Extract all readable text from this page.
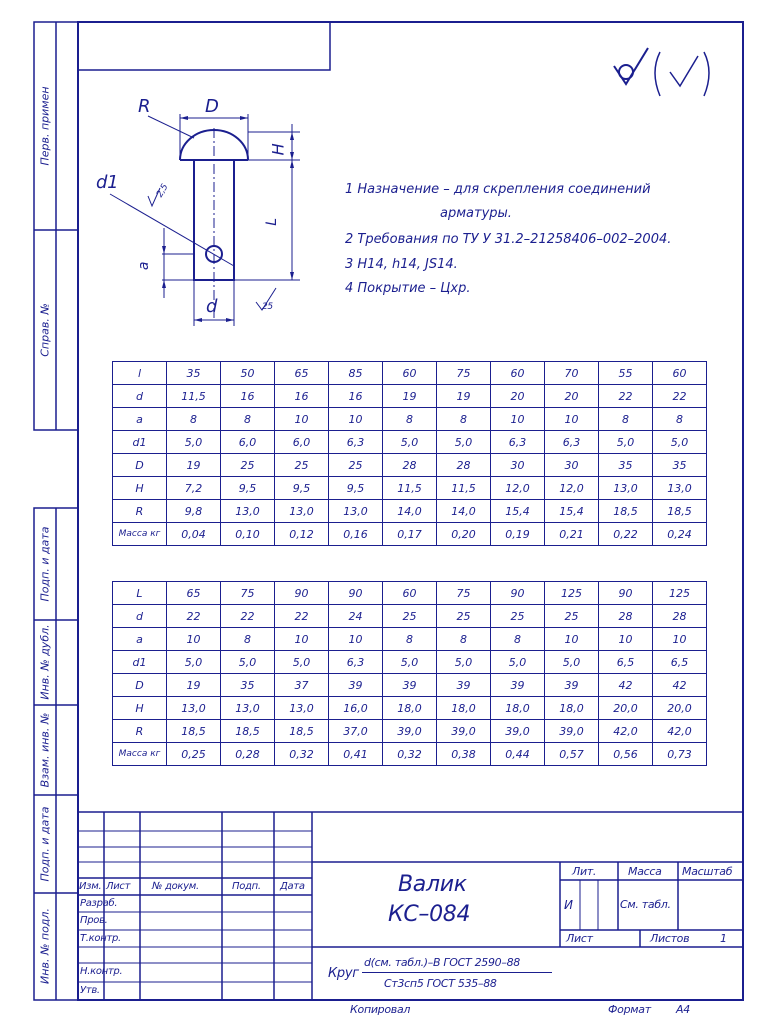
Перв. примен
Справ. №
Подп. и дата
Инв. № дубл.
Взам. инв. №
Подп. и дата
Инв. № подл.
R	D
H
d1	2,5
L
a
d	25
1 Назначение – для скрепления соединений
арматуры.
2 Требования по ТУ У 31.2–21258406–002–2004.
3 H14, h14, JS14.
4 Покрытие – Цхр.
l	35	50	65	85	60	75	60	70	55	60
d	11,5	16	16	16	19	19	20	20	22	22
a	8	8	10	10	8	8	10	10	8	8
d1	5,0	6,0	6,0	6,3	5,0	5,0	6,3	6,3	5,0	5,0
D	19	25	25	25	28	28	30	30	35	35
H	7,2	9,5	9,5	9,5	11,5	11,5	12,0	12,0	13,0	13,0
R	9,8	13,0	13,0	13,0	14,0	14,0	15,4	15,4	18,5	18,5
Масса кг	0,04	0,10	0,12	0,16	0,17	0,20	0,19	0,21	0,22	0,24
L	65	75	90	90	60	75	90	125	90	125
d	22	22	22	24	25	25	25	25	28	28
a	10	8	10	10	8	8	8	10	10	10
d1	5,0	5,0	5,0	6,3	5,0	5,0	5,0	5,0	6,5	6,5
D	19	35	37	39	39	39	39	39	42	42
H	13,0	13,0	13,0	16,0	18,0	18,0	18,0	18,0	20,0	20,0
R	18,5	18,5	18,5	37,0	39,0	39,0	39,0	39,0	42,0	42,0
Масса кг	0,25	0,28	0,32	0,41	0,32	0,38	0,44	0,57	0,56	0,73
Изм. Лист № докум.	Подп. Дата
Разраб.
Пров.
Т.контр.
Н.контр.
Утв.
Валик
КС–084
Лит.	Масса Масштаб
И	См. табл.
Лист	Листов	1
Круг
d(см. табл.)–В ГОСТ 2590–88
Ст3сп5 ГОСТ 535–88
Копировал	Формат А4
